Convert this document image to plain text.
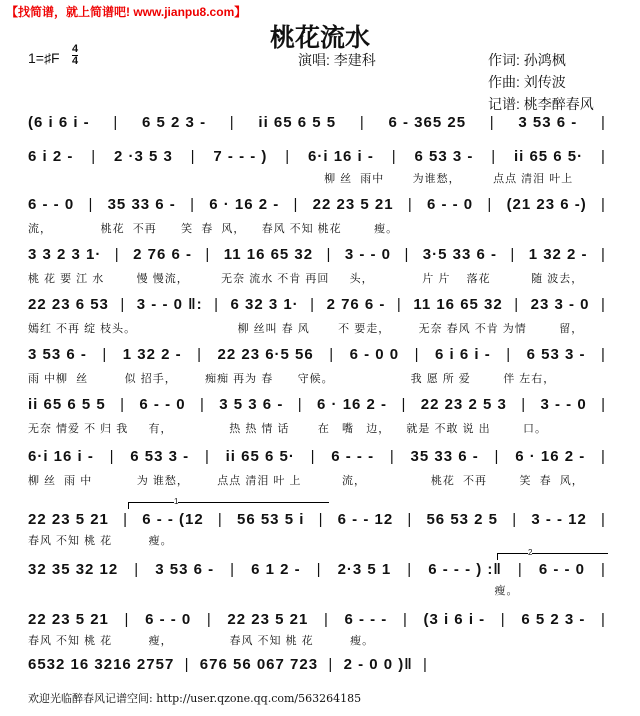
【找简谱，就上简谱吧! www.jianpu8.com】
桃花流水
1=♯F
4
4	演唱: 李建科	作词: 孙鸿枫
作曲: 刘传波
记谱: 桃李醉春风
1
2
(6 i 6 i - | 6 5 2 3 - | ii 65 6 5 5 | 6 - 365 25 | 3 53 6 - |
6 i 2 - | 2 ·3 5 3 | 7 - - - ) | 6·i 16 i - | 6 53 3 - | ii 65 6 5· |
柳 丝  雨中       为谁愁，        点点 清泪 叶上
6 - - 0 | 35 33 6 - | 6 · 16 2 - | 22 23 5 21 | 6 - - 0 | (21 23 6 -) |
流，            桃花  不再      笑  春  风，    春风 不知 桃花        瘦。
3 3 2 3 1· | 2 76 6 - | 11 16 65 32 | 3 - - 0 | 3·5 33 6 - | 1 32 2 - |
桃 花 要 江 水        慢 慢流，        无奈 流水 不肯 再回     头，            片 片    落花          随 波去，
22 23 6 53 | 3 - - 0 ‖: | 6 32 3 1· | 2 76 6 - | 11 16 65 32 | 23 3 - 0 |
嫣红 不再 绽 枝头。                         柳 丝叫 春 风       不 要走，       无奈 春风 不肯 为情        留，
3 53 6 - | 1 32 2 - | 22 23 6·5 56 | 6 - 0 0 | 6 i 6 i - | 6 53 3 - |
雨 中柳  丝         似 招手，       痴痴 再为 春      守候。                   我 愿 所 爱        伴 左右，
ii 65 6 5 5 | 6 - - 0 | 3 5 3 6 - | 6 · 16 2 - | 22 23 2 5 3 | 3 - - 0 |
无奈 情爱 不 归 我     有，              热 热 情 话       在   嘴   边，    就是 不敢 说 出        口。
6·i 16 i - | 6 53 3 - | ii 65 6 5· | 6 - - - | 35 33 6 - | 6 · 16 2 - |
柳 丝  雨 中           为 谁愁，       点点 清泪 叶 上          流，                桃花  不再        笑  春  风，
22 23 5 21 | 6 - - (12 | 56 53 5 i | 6 - - 12 | 56 53 2 5 | 3 - - 12 |
春风 不知 桃 花         瘦。
32 35 32 12 | 3 53 6 - | 6 1 2 - | 2·3 5 1 | 6 - - - ) :‖ | 6 - - 0 |
瘦。
22 23 5 21 | 6 - - 0 | 22 23 5 21 | 6 - - - | (3 i 6 i - | 6 5 2 3 - |
春风 不知 桃 花         瘦，              春风 不知 桃 花         瘦。
6532 16 3216 2757 | 676 56 067 723 | 2 - 0 0 )‖ |
欢迎光临醉春风记谱空间: http://user.qzone.qq.com/563264185
